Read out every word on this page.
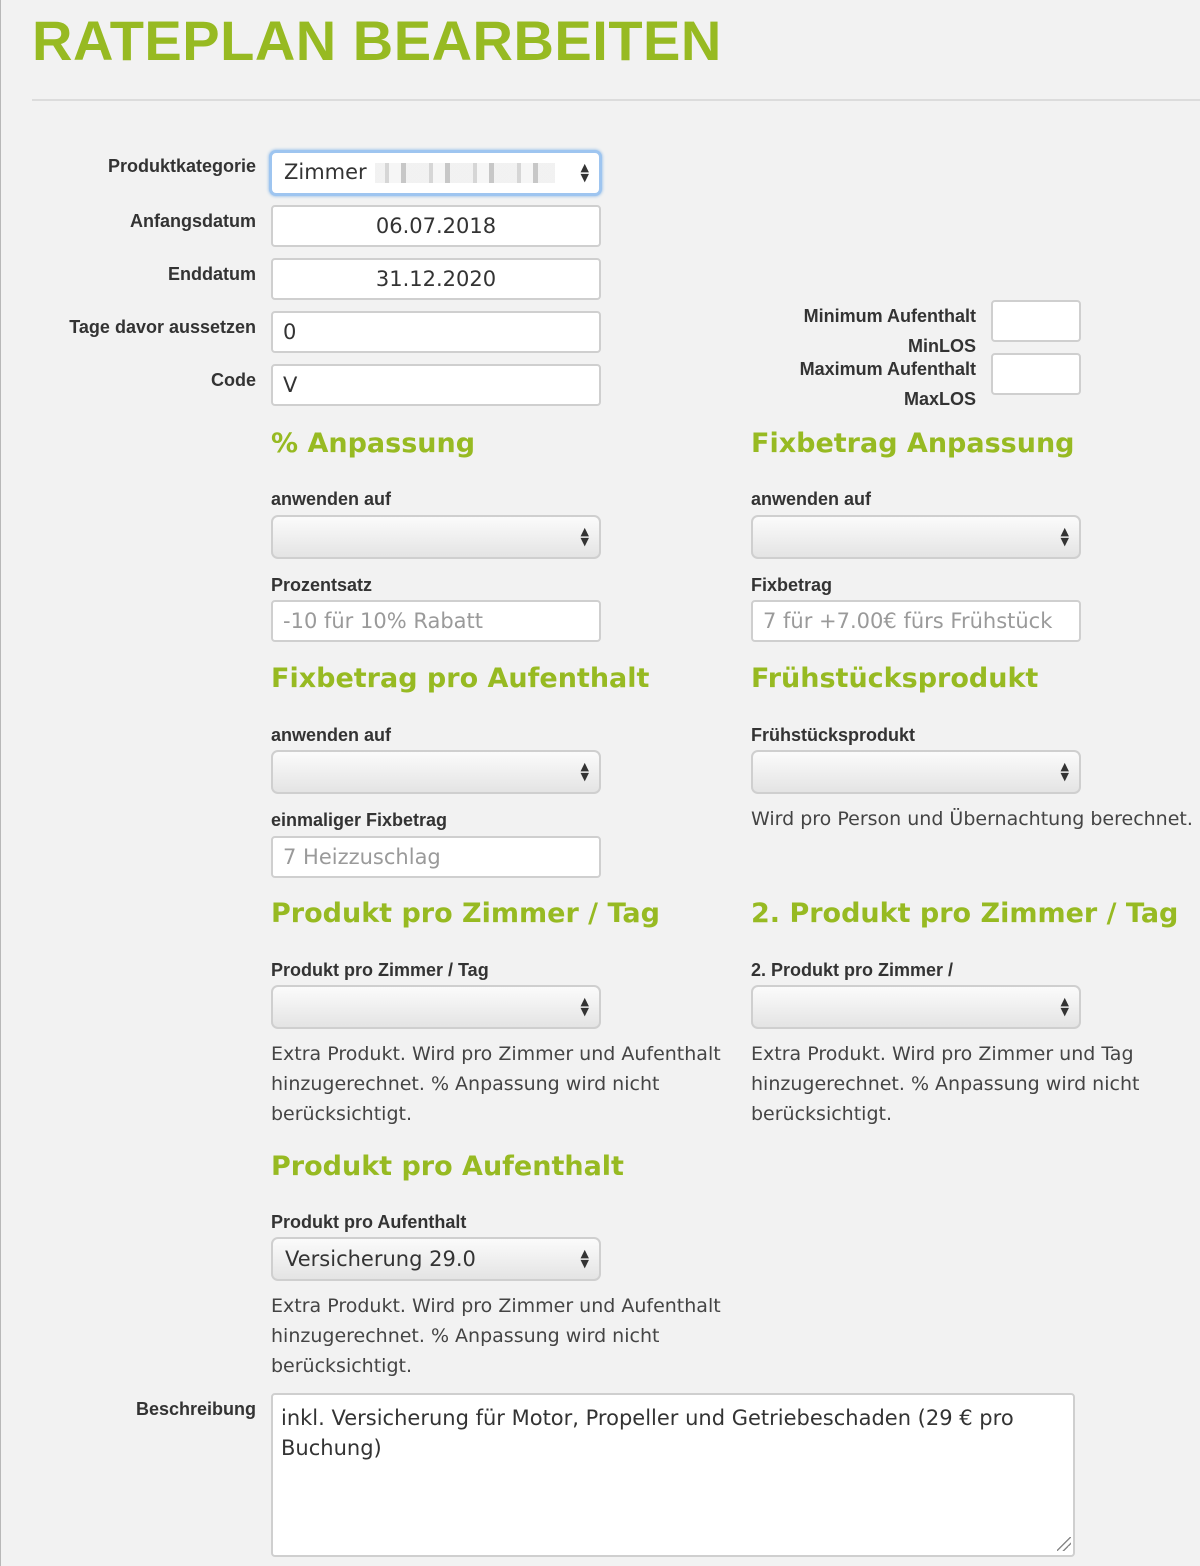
RATEPLAN BEARBEITEN
Produktkategorie	Zimmer	▲
▼
Anfangsdatum	06.07.2018
Enddatum	31.12.2020
Tage davor aussetzen	0
Code	V
Minimum Aufenthalt
MinLOS
Maximum Aufenthalt
MaxLOS
% Anpassung
anwenden auf
▲
▼
Prozentsatz
-10 für 10% Rabatt
Fixbetrag Anpassung
anwenden auf
▲
▼
Fixbetrag
7 für +7.00€ fürs Frühstück
Fixbetrag pro Aufenthalt
anwenden auf
▲
▼
einmaliger Fixbetrag
7 Heizzuschlag
Frühstücksprodukt
Frühstücksprodukt
▲
▼
Wird pro Person und Übernachtung berechnet.
Produkt pro Zimmer / Tag
Produkt pro Zimmer / Tag
▲
▼
Extra Produkt. Wird pro Zimmer und Aufenthalt hinzugerechnet. % Anpassung wird nicht berücksichtigt.
2. Produkt pro Zimmer / Tag
2. Produkt pro Zimmer /
▲
▼
Extra Produkt. Wird pro Zimmer und Tag hinzugerechnet. % Anpassung wird nicht berücksichtigt.
Produkt pro Aufenthalt
Produkt pro Aufenthalt
Versicherung 29.0	▲
▼
Extra Produkt. Wird pro Zimmer und Aufenthalt hinzugerechnet. % Anpassung wird nicht berücksichtigt.
Beschreibung
inkl. Versicherung für Motor, Propeller und Getriebeschaden (29 € pro Buchung)
